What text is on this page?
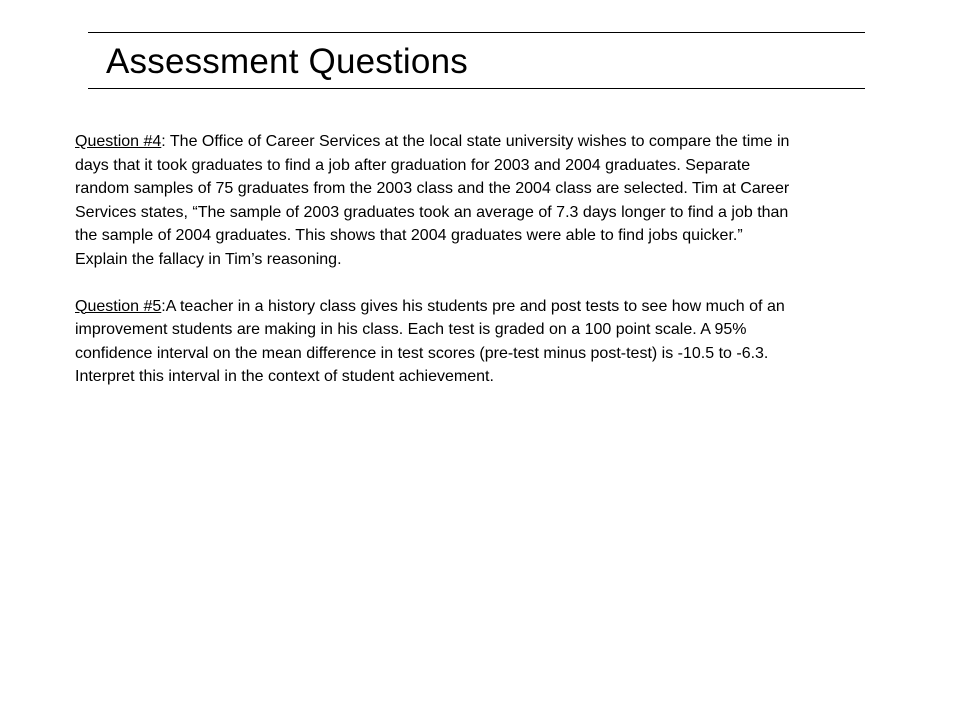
Assessment Questions

Question #4: The Office of Career Services at the local state university wishes to compare the time in
days that it took graduates to find a job after graduation for 2003 and 2004 graduates. Separate
random samples of 75 graduates from the 2003 class and the 2004 class are selected. Tim at Career
Services states, “The sample of 2003 graduates took an average of 7.3 days longer to find a job than
the sample of 2004 graduates. This shows that 2004 graduates were able to find jobs quicker.”
Explain the fallacy in Tim’s reasoning.

Question #5:A teacher in a history class gives his students pre and post tests to see how much of an
improvement students are making in his class. Each test is graded on a 100 point scale. A 95%
confidence interval on the mean difference in test scores (pre-test minus post-test) is -10.5 to -6.3.
Interpret this interval in the context of student achievement.
